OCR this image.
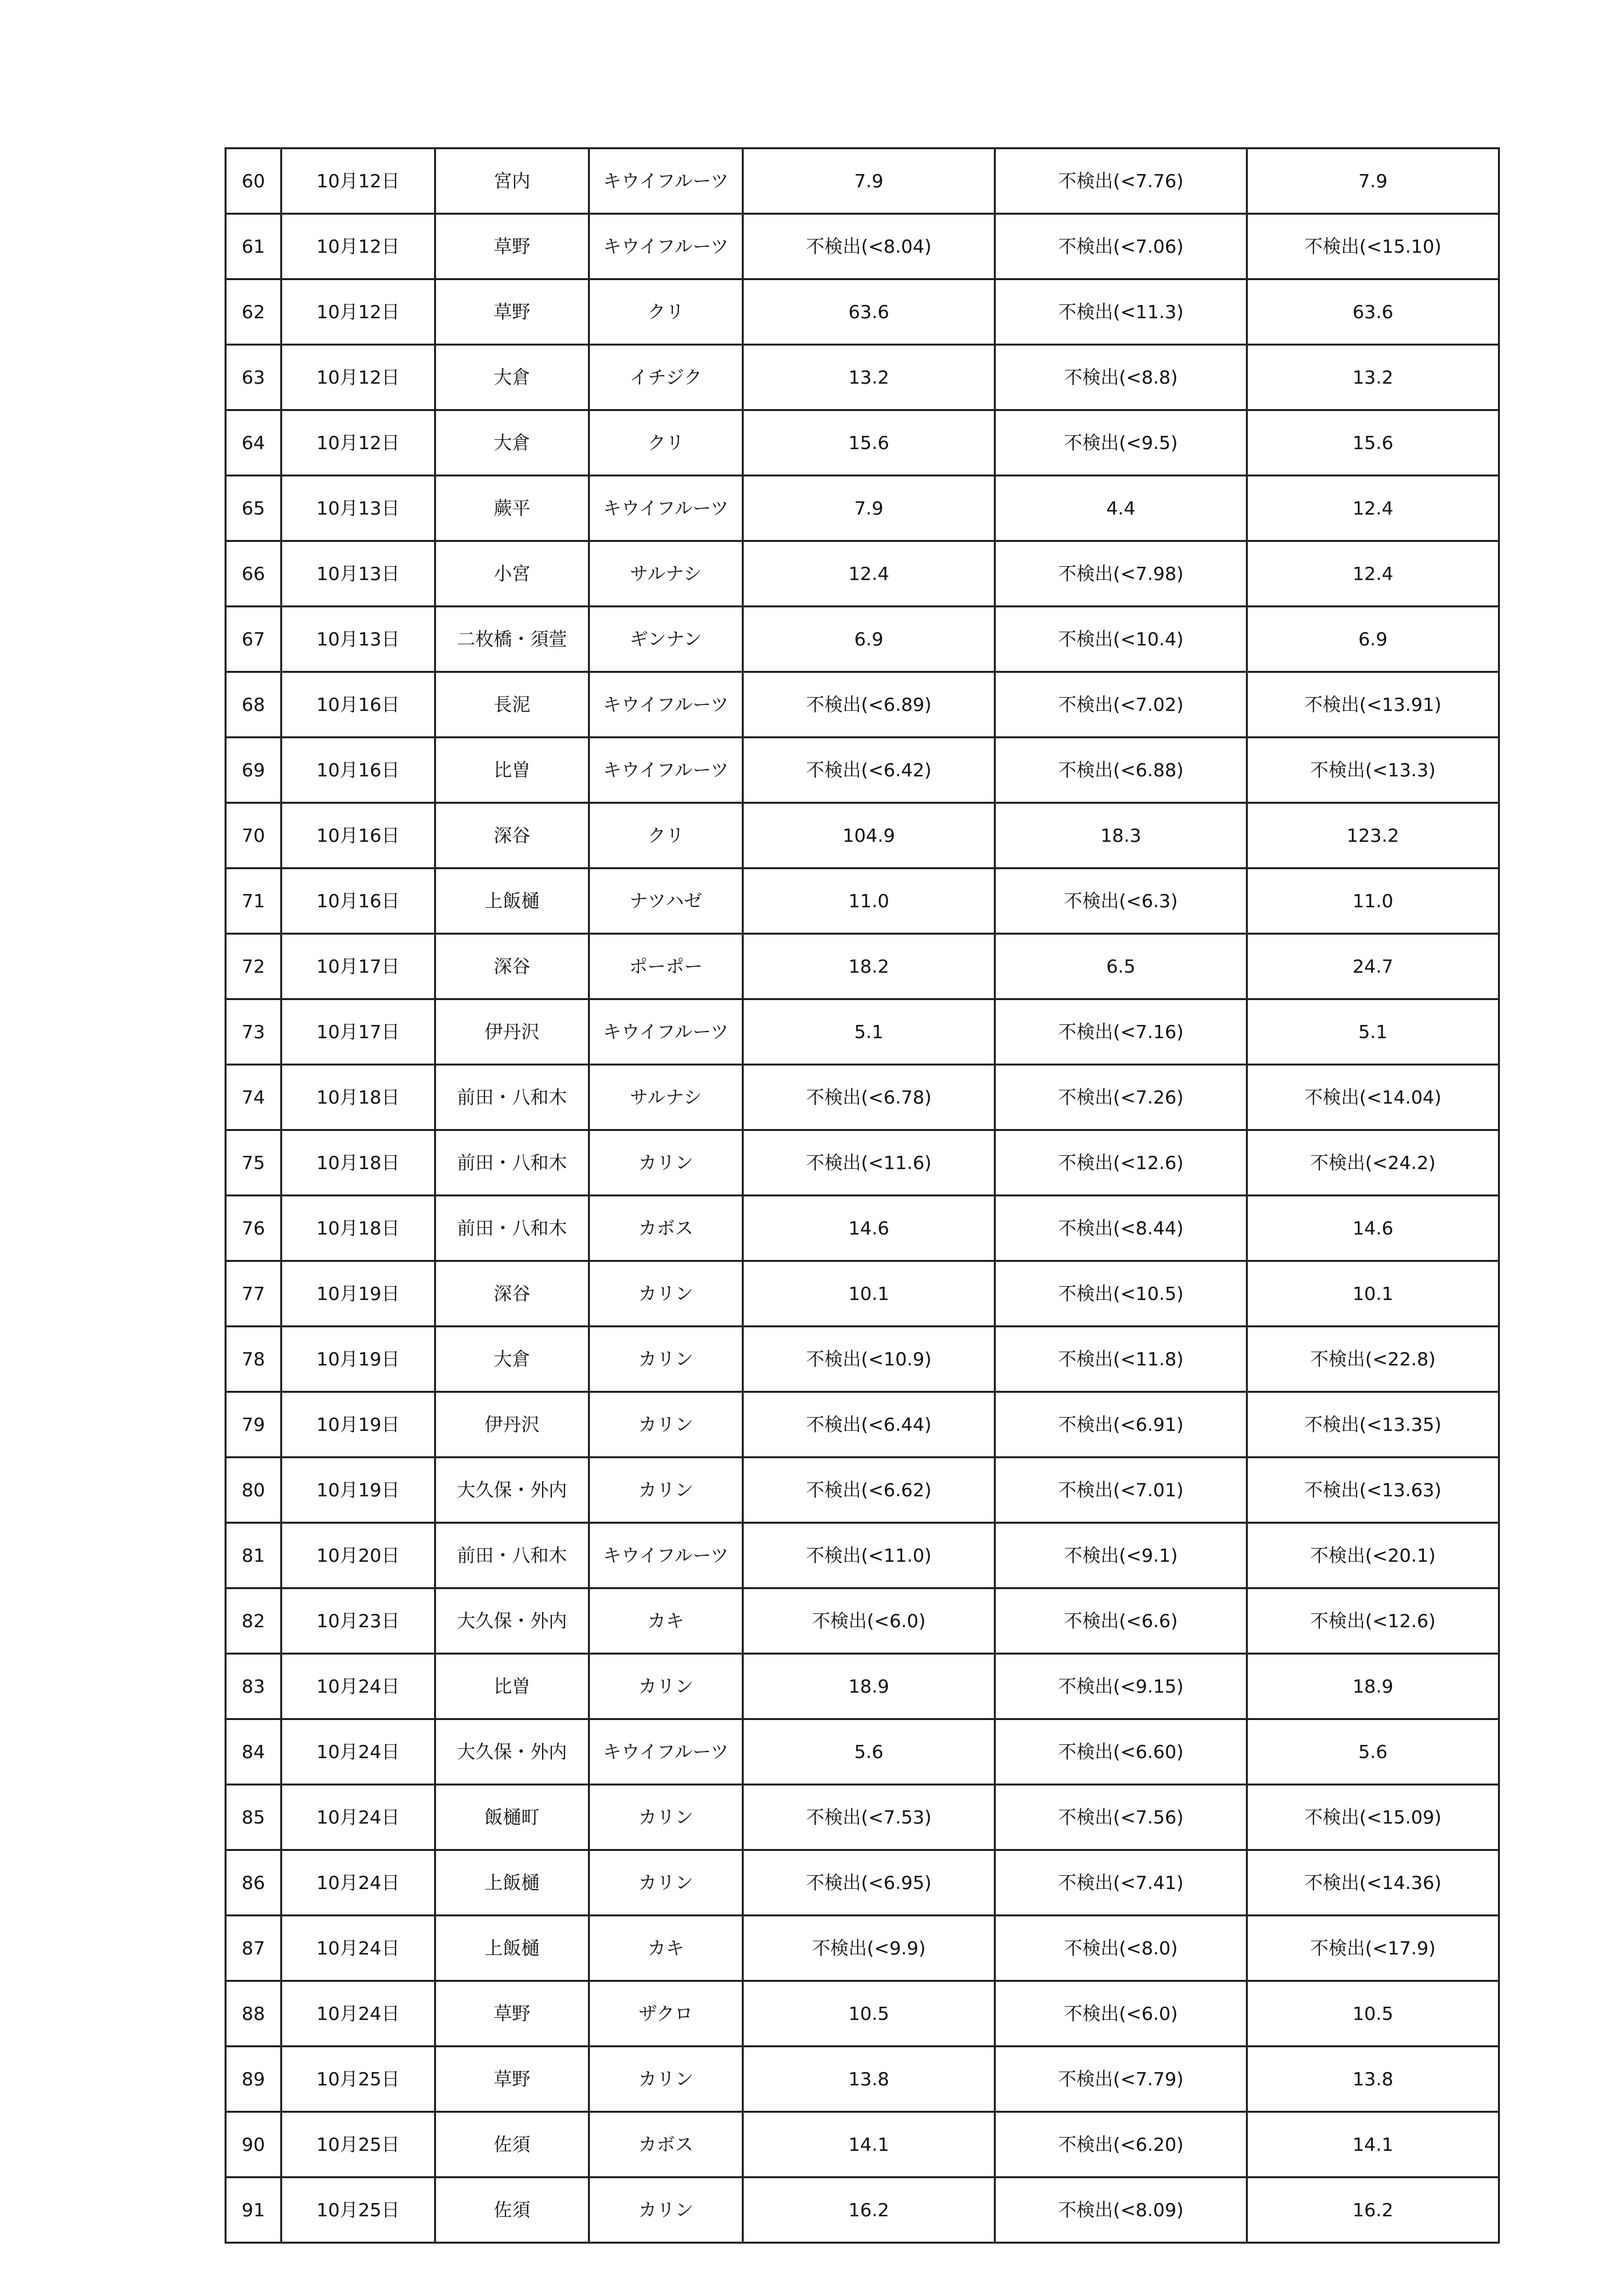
60	10月12日	宮内	キウイフルーツ	7.9	不検出(<7.76)	7.9
61	10月12日	草野	キウイフルーツ	不検出(<8.04)	不検出(<7.06)	不検出(<15.10)
62	10月12日	草野	クリ	63.6	不検出(<11.3)	63.6
63	10月12日	大倉	イチジク	13.2	不検出(<8.8)	13.2
64	10月12日	大倉	クリ	15.6	不検出(<9.5)	15.6
65	10月13日	蕨平	キウイフルーツ	7.9	4.4	12.4
66	10月13日	小宮	サルナシ	12.4	不検出(<7.98)	12.4
67	10月13日	二枚橋・須萱	ギンナン	6.9	不検出(<10.4)	6.9
68	10月16日	長泥	キウイフルーツ	不検出(<6.89)	不検出(<7.02)	不検出(<13.91)
69	10月16日	比曽	キウイフルーツ	不検出(<6.42)	不検出(<6.88)	不検出(<13.3)
70	10月16日	深谷	クリ	104.9	18.3	123.2
71	10月16日	上飯樋	ナツハゼ	11.0	不検出(<6.3)	11.0
72	10月17日	深谷	ポーポー	18.2	6.5	24.7
73	10月17日	伊丹沢	キウイフルーツ	5.1	不検出(<7.16)	5.1
74	10月18日	前田・八和木	サルナシ	不検出(<6.78)	不検出(<7.26)	不検出(<14.04)
75	10月18日	前田・八和木	カリン	不検出(<11.6)	不検出(<12.6)	不検出(<24.2)
76	10月18日	前田・八和木	カボス	14.6	不検出(<8.44)	14.6
77	10月19日	深谷	カリン	10.1	不検出(<10.5)	10.1
78	10月19日	大倉	カリン	不検出(<10.9)	不検出(<11.8)	不検出(<22.8)
79	10月19日	伊丹沢	カリン	不検出(<6.44)	不検出(<6.91)	不検出(<13.35)
80	10月19日	大久保・外内	カリン	不検出(<6.62)	不検出(<7.01)	不検出(<13.63)
81	10月20日	前田・八和木	キウイフルーツ	不検出(<11.0)	不検出(<9.1)	不検出(<20.1)
82	10月23日	大久保・外内	カキ	不検出(<6.0)	不検出(<6.6)	不検出(<12.6)
83	10月24日	比曽	カリン	18.9	不検出(<9.15)	18.9
84	10月24日	大久保・外内	キウイフルーツ	5.6	不検出(<6.60)	5.6
85	10月24日	飯樋町	カリン	不検出(<7.53)	不検出(<7.56)	不検出(<15.09)
86	10月24日	上飯樋	カリン	不検出(<6.95)	不検出(<7.41)	不検出(<14.36)
87	10月24日	上飯樋	カキ	不検出(<9.9)	不検出(<8.0)	不検出(<17.9)
88	10月24日	草野	ザクロ	10.5	不検出(<6.0)	10.5
89	10月25日	草野	カリン	13.8	不検出(<7.79)	13.8
90	10月25日	佐須	カボス	14.1	不検出(<6.20)	14.1
91	10月25日	佐須	カリン	16.2	不検出(<8.09)	16.2
